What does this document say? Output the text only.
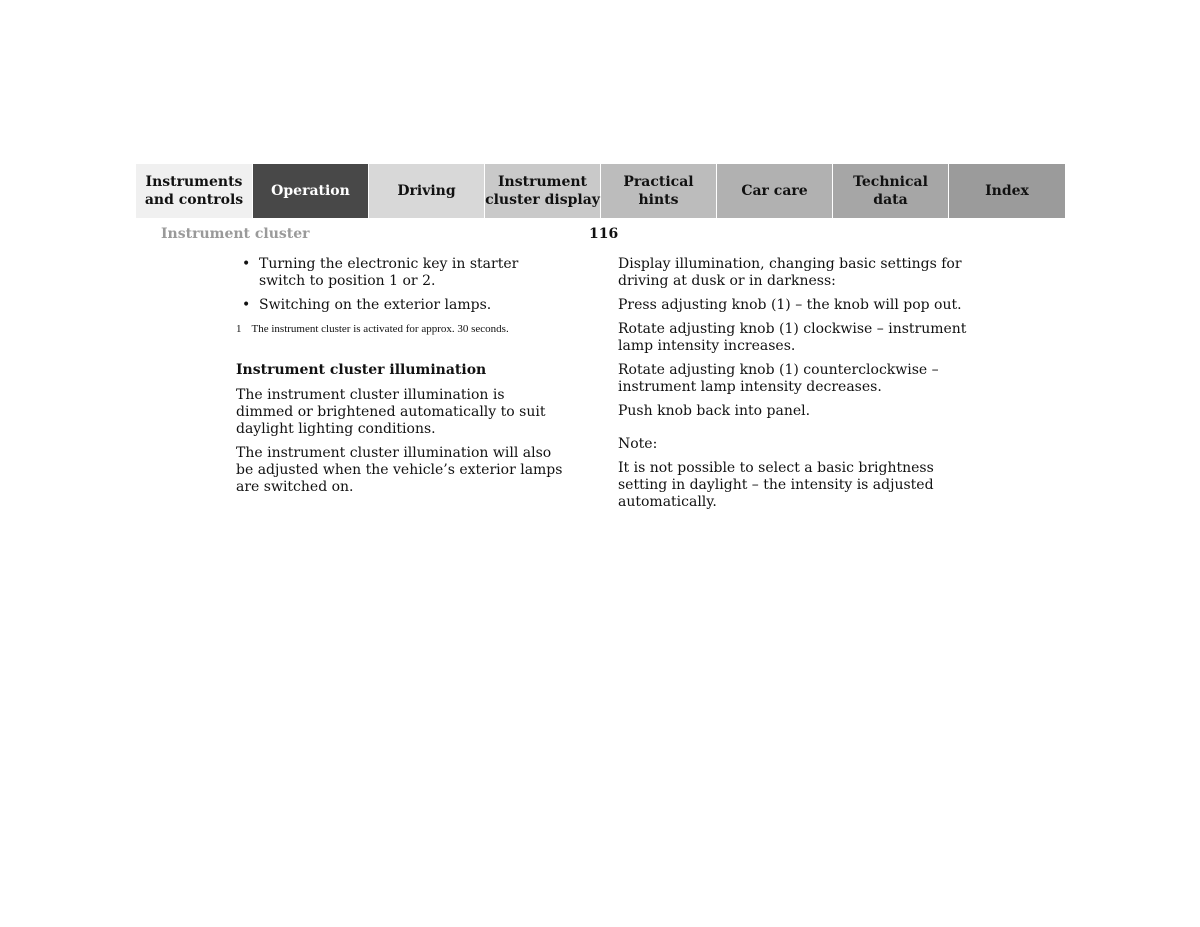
Instruments
and controls
Operation	Driving
Instrument
cluster display
Practical hints
Car care
Technical
data
Index
Instrument cluster	116

• Turning the electronic key in starter switch to position 1 or 2.

• Switching on the exterior lamps.

1 The instrument cluster is activated for approx. 30 seconds.

Instrument cluster illumination

The instrument cluster illumination is dimmed or brightened automatically to suit daylight lighting conditions.

The instrument cluster illumination will also be adjusted when the vehicle’s exterior lamps are switched on.

Display illumination, changing basic settings for driving at dusk or in darkness:

Press adjusting knob (1) – the knob will pop out.

Rotate adjusting knob (1) clockwise – instrument lamp intensity increases.

Rotate adjusting knob (1) counterclockwise – instrument lamp intensity decreases.

Push knob back into panel.

Note:

It is not possible to select a basic brightness setting in daylight – the intensity is adjusted automatically.
